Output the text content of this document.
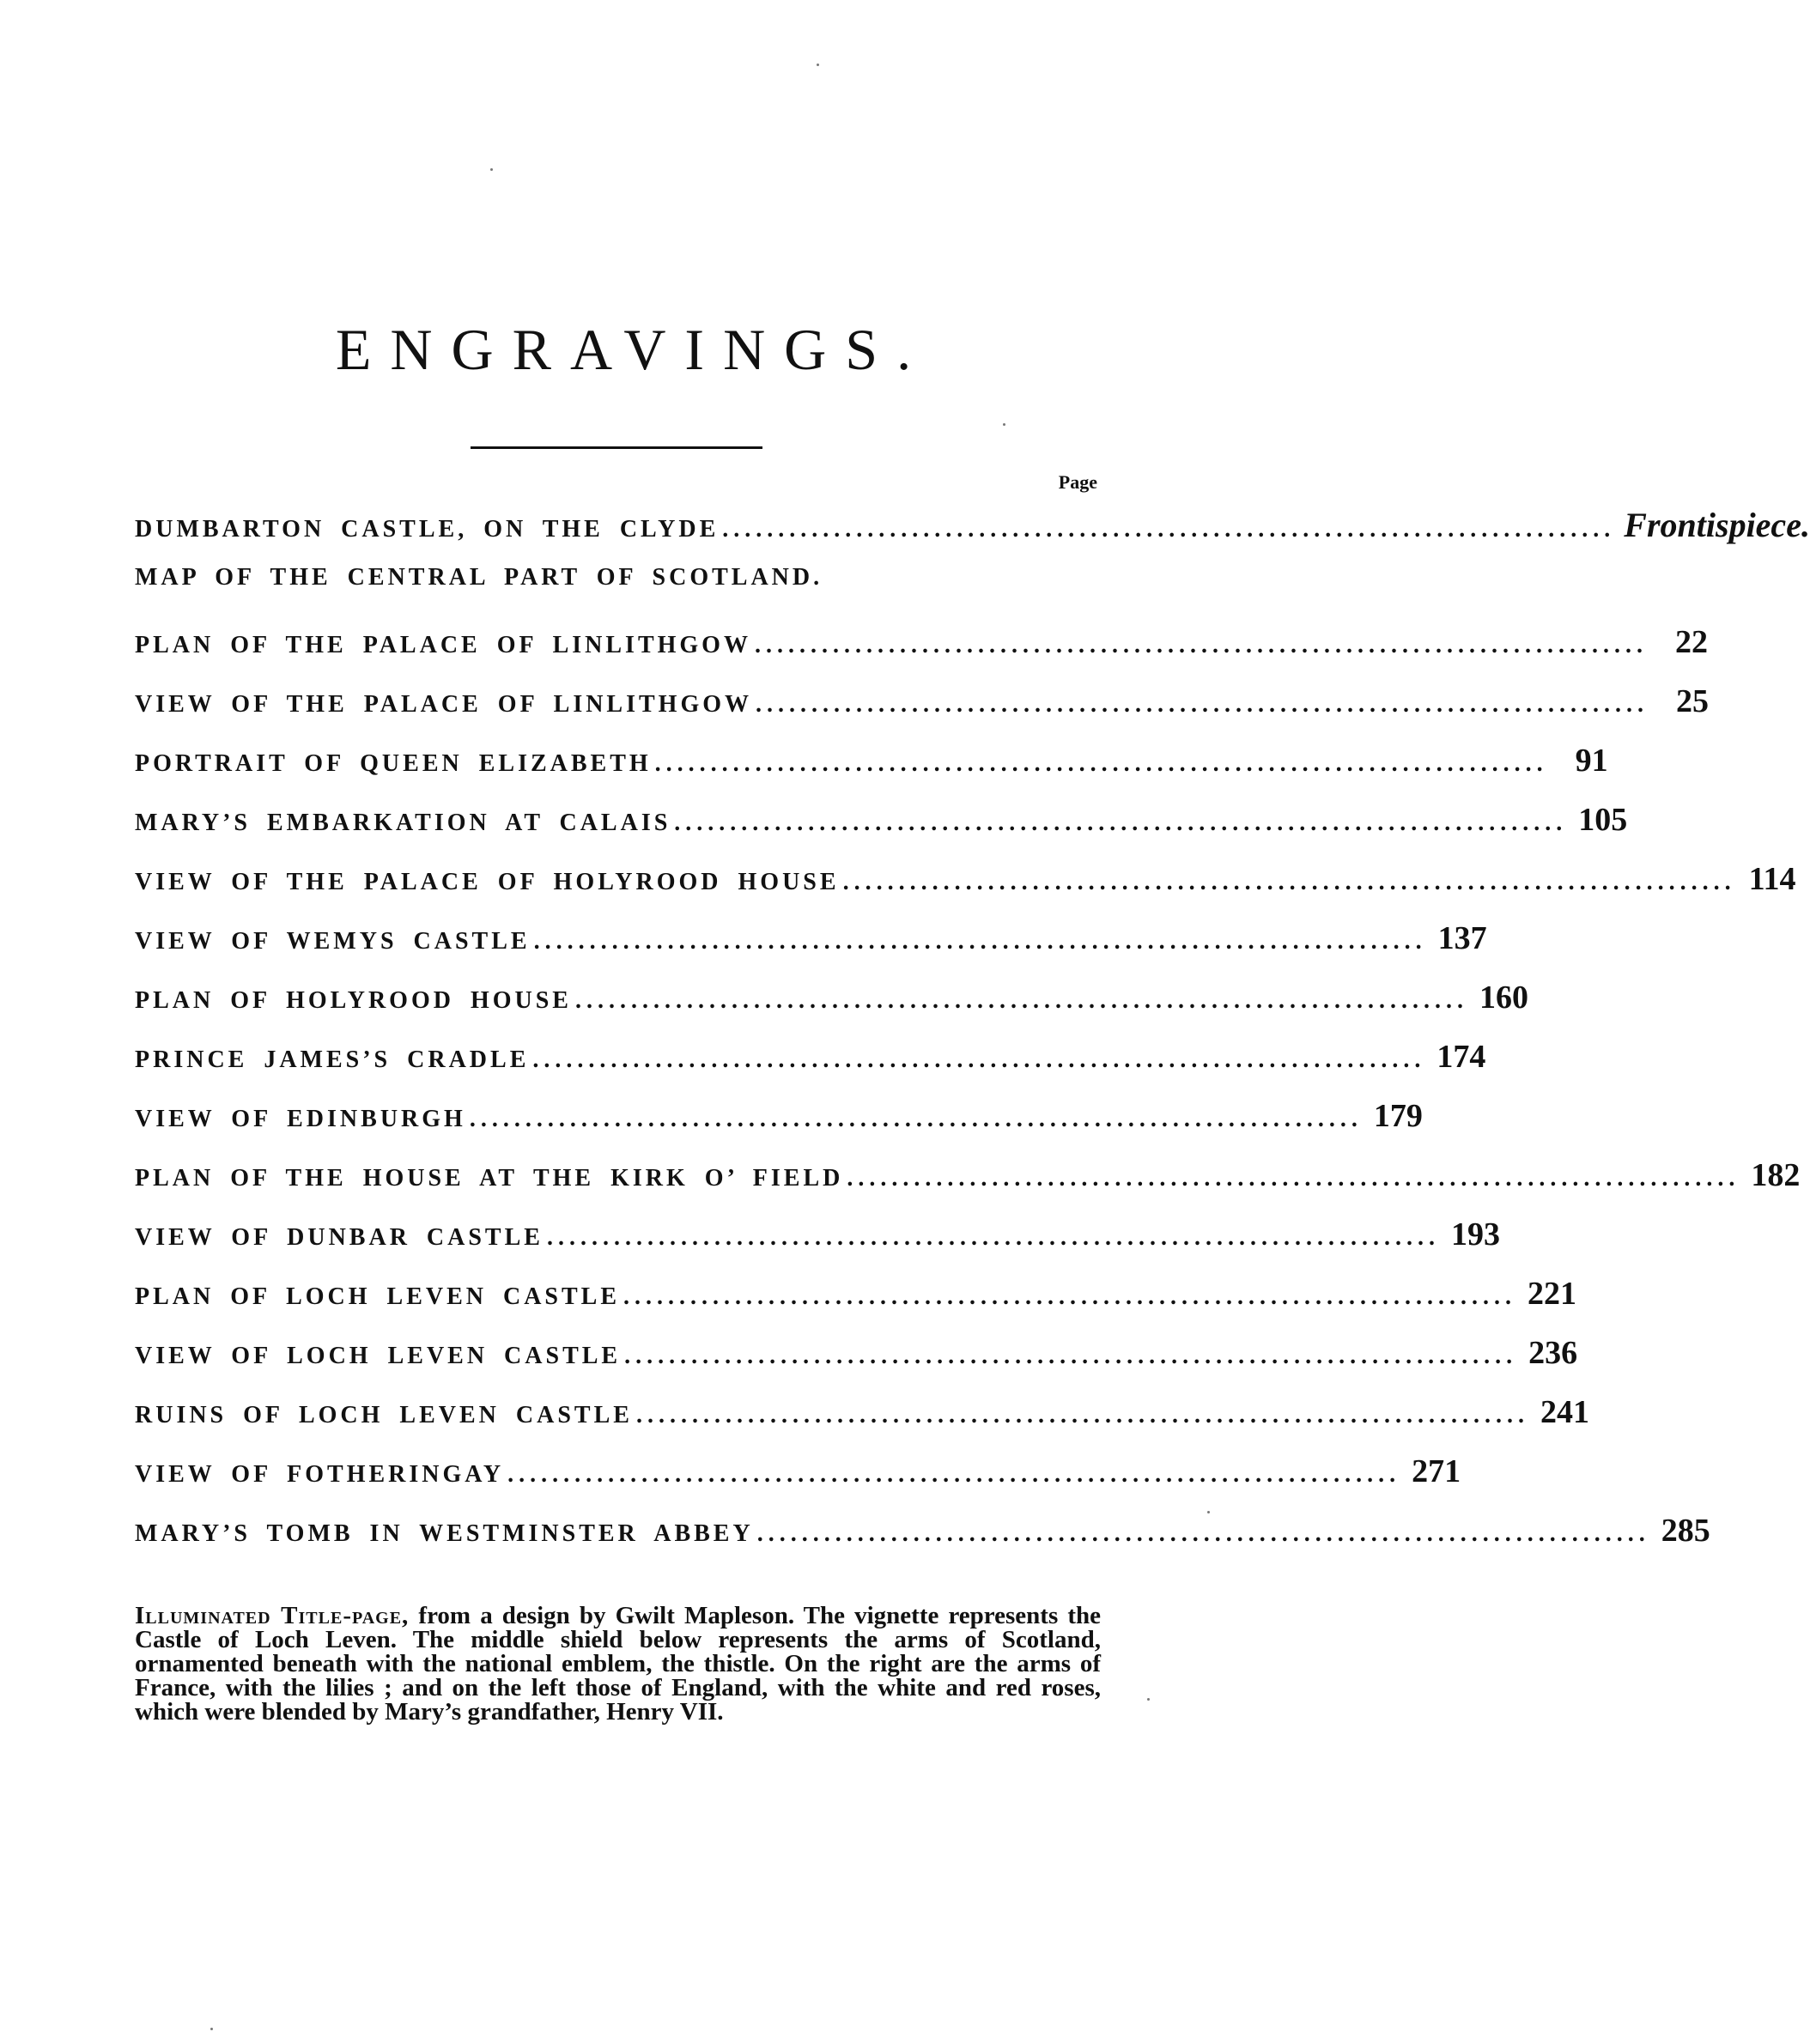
ENGRAVINGS.
Page
DUMBARTON CASTLE, ON THE CLYDE ................................................................................ Frontispiece.
MAP OF THE CENTRAL PART OF SCOTLAND.
PLAN OF THE PALACE OF LINLITHGOW ................................................................................ 22
VIEW OF THE PALACE OF LINLITHGOW ................................................................................ 25
PORTRAIT OF QUEEN ELIZABETH ................................................................................ 91
MARY’S EMBARKATION AT CALAIS ................................................................................ 105
VIEW OF THE PALACE OF HOLYROOD HOUSE ................................................................................ 114
VIEW OF WEMYS CASTLE ................................................................................ 137
PLAN OF HOLYROOD HOUSE ................................................................................ 160
PRINCE JAMES’S CRADLE ................................................................................ 174
VIEW OF EDINBURGH ................................................................................ 179
PLAN OF THE HOUSE AT THE KIRK O’ FIELD ................................................................................ 182
VIEW OF DUNBAR CASTLE ................................................................................ 193
PLAN OF LOCH LEVEN CASTLE ................................................................................ 221
VIEW OF LOCH LEVEN CASTLE ................................................................................ 236
RUINS OF LOCH LEVEN CASTLE ................................................................................ 241
VIEW OF FOTHERINGAY ................................................................................ 271
MARY’S TOMB IN WESTMINSTER ABBEY ................................................................................ 285
Illuminated Title-page, from a design by Gwilt Mapleson. The vignette represents the Castle of Loch Leven. The middle shield below represents the arms of Scotland, ornamented beneath with the national emblem, the thistle. On the right are the arms of France, with the lilies ; and on the left those of England, with the white and red roses, which were blended by Mary’s grandfather, Henry VII.
